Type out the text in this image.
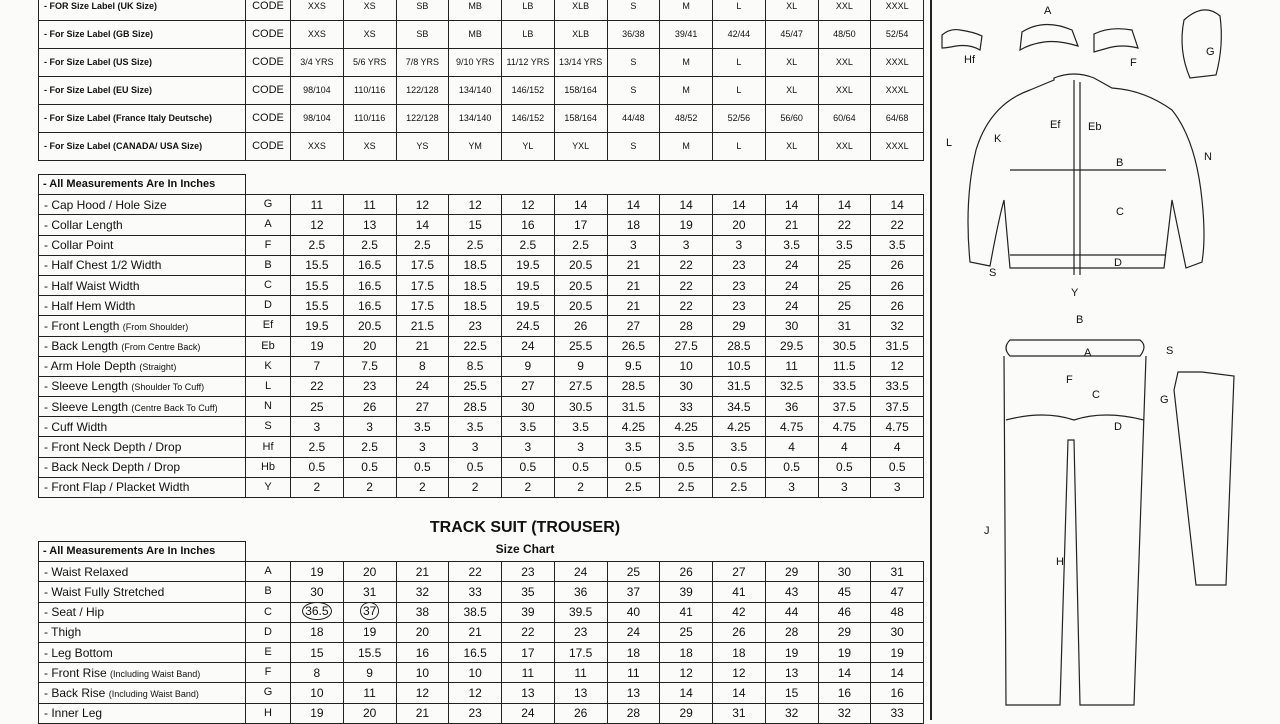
- FOR Size Label (UK Size)	CODE	XXS	XS	SB	MB	LB	XLB	S	M	L	XL	XXL	XXXL
- For Size Label (GB Size)	CODE	XXS	XS	SB	MB	LB	XLB	36/38	39/41	42/44	45/47	48/50	52/54
- For Size Label (US Size)	CODE	3/4 YRS	5/6 YRS	7/8 YRS	9/10 YRS	11/12 YRS	13/14 YRS	S	M	L	XL	XXL	XXXL
- For Size Label (EU Size)	CODE	98/104	110/116	122/128	134/140	146/152	158/164	S	M	L	XL	XXL	XXXL
- For Size Label (France Italy Deutsche)	CODE	98/104	110/116	122/128	134/140	146/152	158/164	44/48	48/52	52/56	56/60	60/64	64/68
- For Size Label (CANADA/ USA Size)	CODE	XXS	XS	YS	YM	YL	YXL	S	M	L	XL	XXL	XXXL
- All Measurements Are In Inches													
- Cap Hood / Hole Size	G	11	11	12	12	12	14	14	14	14	14	14	14
- Collar Length	A	12	13	14	15	16	17	18	19	20	21	22	22
- Collar Point	F	2.5	2.5	2.5	2.5	2.5	2.5	3	3	3	3.5	3.5	3.5
- Half Chest 1/2 Width	B	15.5	16.5	17.5	18.5	19.5	20.5	21	22	23	24	25	26
- Half Waist Width	C	15.5	16.5	17.5	18.5	19.5	20.5	21	22	23	24	25	26
- Half Hem Width	D	15.5	16.5	17.5	18.5	19.5	20.5	21	22	23	24	25	26
- Front Length (From Shoulder)	Ef	19.5	20.5	21.5	23	24.5	26	27	28	29	30	31	32
- Back Length (From Centre Back)	Eb	19	20	21	22.5	24	25.5	26.5	27.5	28.5	29.5	30.5	31.5
- Arm Hole Depth (Straight)	K	7	7.5	8	8.5	9	9	9.5	10	10.5	11	11.5	12
- Sleeve Length (Shoulder To Cuff)	L	22	23	24	25.5	27	27.5	28.5	30	31.5	32.5	33.5	33.5
- Sleeve Length (Centre Back To Cuff)	N	25	26	27	28.5	30	30.5	31.5	33	34.5	36	37.5	37.5
- Cuff Width	S	3	3	3.5	3.5	3.5	3.5	4.25	4.25	4.25	4.75	4.75	4.75
- Front Neck Depth / Drop	Hf	2.5	2.5	3	3	3	3	3.5	3.5	3.5	4	4	4
- Back Neck Depth / Drop	Hb	0.5	0.5	0.5	0.5	0.5	0.5	0.5	0.5	0.5	0.5	0.5	0.5
- Front Flap / Placket Width	Y	2	2	2	2	2	2	2.5	2.5	2.5	3	3	3
TRACK SUIT (TROUSER)
Size Chart
- All Measurements Are In Inches													
- Waist Relaxed	A	19	20	21	22	23	24	25	26	27	29	30	31
- Waist Fully Stretched	B	30	31	32	33	35	36	37	39	41	43	45	47
- Seat / Hip	C	36.5	37	38	38.5	39	39.5	40	41	42	44	46	48
- Thigh	D	18	19	20	21	22	23	24	25	26	28	29	30
- Leg Bottom	E	15	15.5	16	16.5	17	17.5	18	18	18	19	19	19
- Front Rise (Including Waist Band)	F	8	9	10	10	11	11	11	12	12	13	14	14
- Back Rise (Including Waist Band)	G	10	11	12	12	13	13	13	14	14	15	16	16
- Inner Leg	H	19	20	21	23	24	26	28	29	31	32	32	33
A
Hf	F
G
L	K
Ef	Eb
N
B
C
D
S
Y
B
A	S
F
C	G
D
J
H
